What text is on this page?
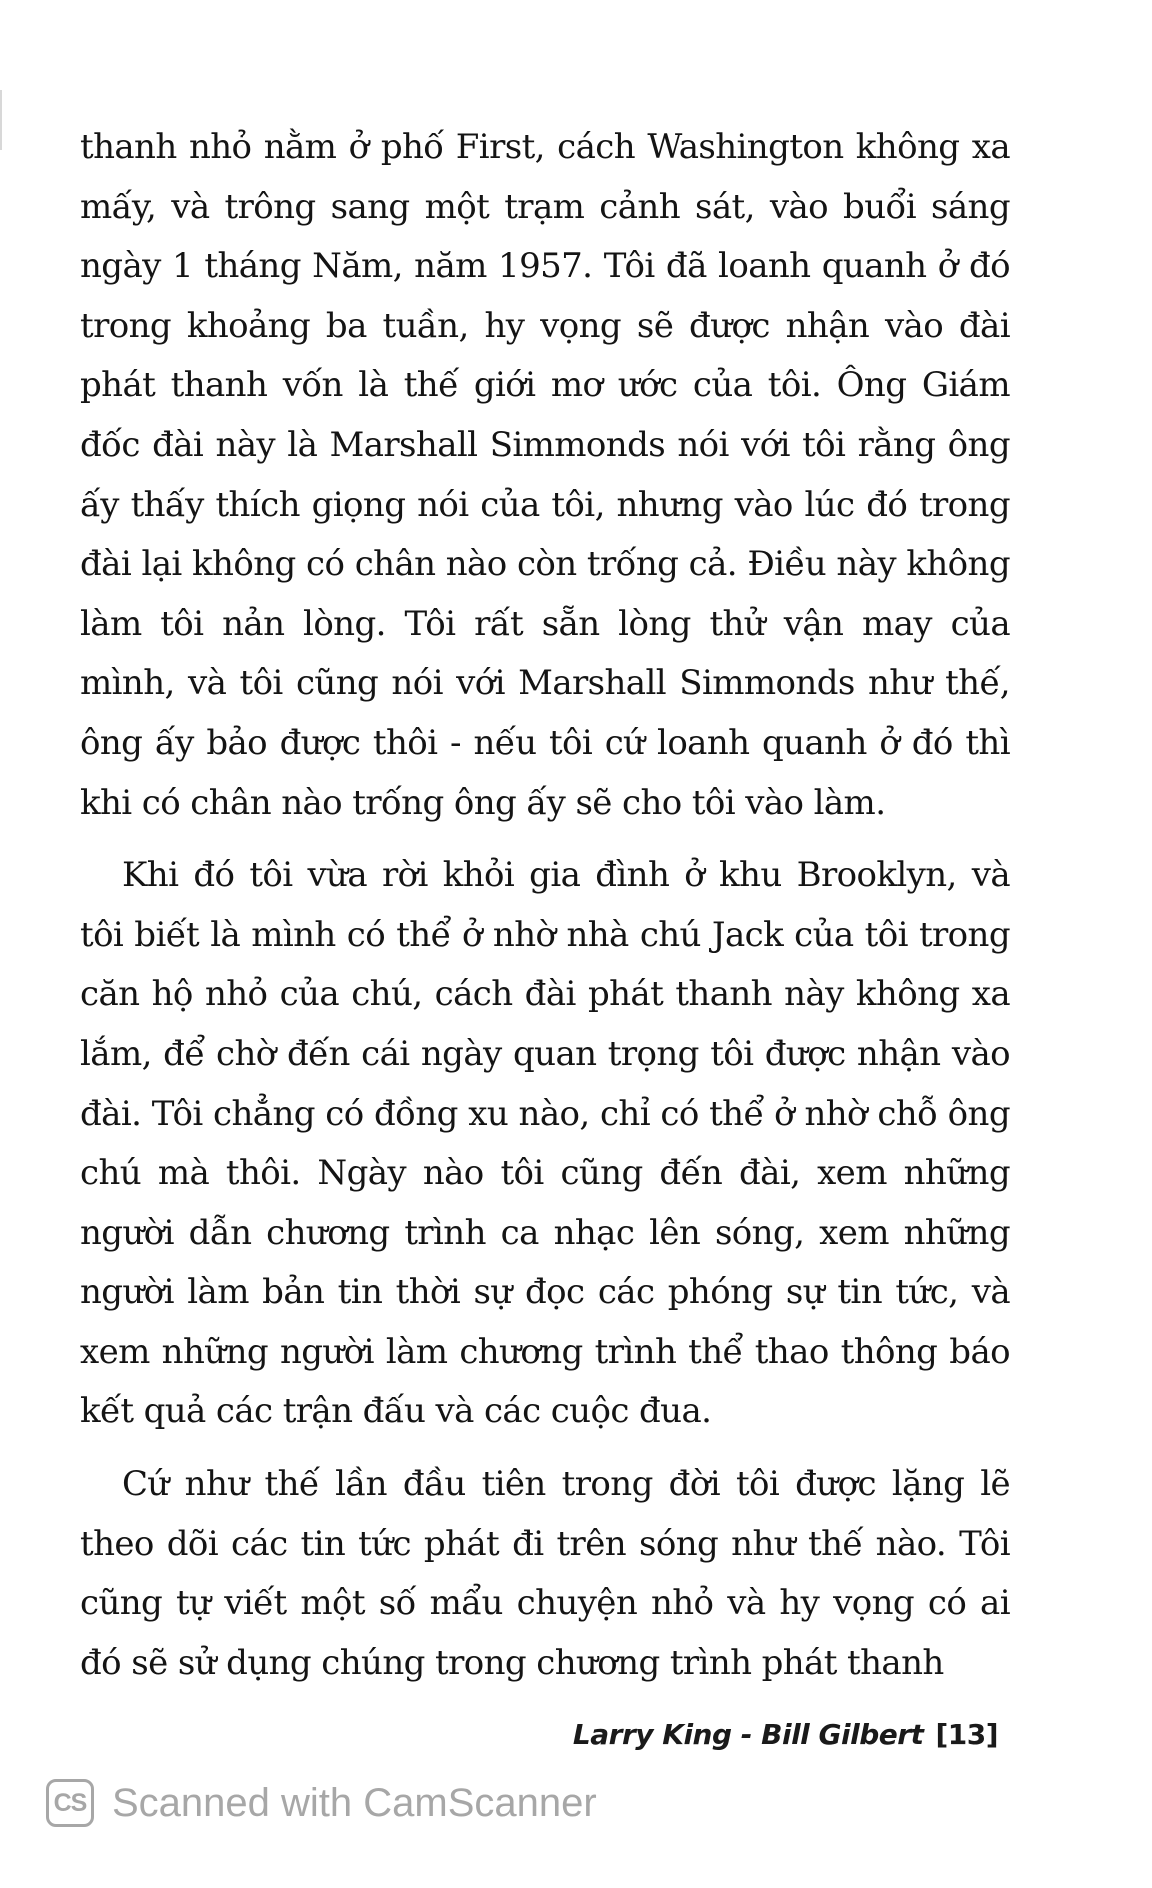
thanh nhỏ nằm ở phố First, cách Washington không xa mấy, và trông sang một trạm cảnh sát, vào buổi sáng ngày 1 tháng Năm, năm 1957. Tôi đã loanh quanh ở đó trong khoảng ba tuần, hy vọng sẽ được nhận vào đài phát thanh vốn là thế giới mơ ước của tôi. Ông Giám đốc đài này là Marshall Simmonds nói với tôi rằng ông ấy thấy thích giọng nói của tôi, nhưng vào lúc đó trong đài lại không có chân nào còn trống cả. Điều này không làm tôi nản lòng. Tôi rất sẵn lòng thử vận may của mình, và tôi cũng nói với Marshall Simmonds như thế, ông ấy bảo được thôi - nếu tôi cứ loanh quanh ở đó thì khi có chân nào trống ông ấy sẽ cho tôi vào làm.

Khi đó tôi vừa rời khỏi gia đình ở khu Brooklyn, và tôi biết là mình có thể ở nhờ nhà chú Jack của tôi trong căn hộ nhỏ của chú, cách đài phát thanh này không xa lắm, để chờ đến cái ngày quan trọng tôi được nhận vào đài. Tôi chẳng có đồng xu nào, chỉ có thể ở nhờ chỗ ông chú mà thôi. Ngày nào tôi cũng đến đài, xem những người dẫn chương trình ca nhạc lên sóng, xem những người làm bản tin thời sự đọc các phóng sự tin tức, và xem những người làm chương trình thể thao thông báo kết quả các trận đấu và các cuộc đua.

Cứ như thế lần đầu tiên trong đời tôi được lặng lẽ theo dõi các tin tức phát đi trên sóng như thế nào. Tôi cũng tự viết một số mẩu chuyện nhỏ và hy vọng có ai đó sẽ sử dụng chúng trong chương trình phát thanh

Larry King - Bill Gilbert [13]
CS Scanned with CamScanner
